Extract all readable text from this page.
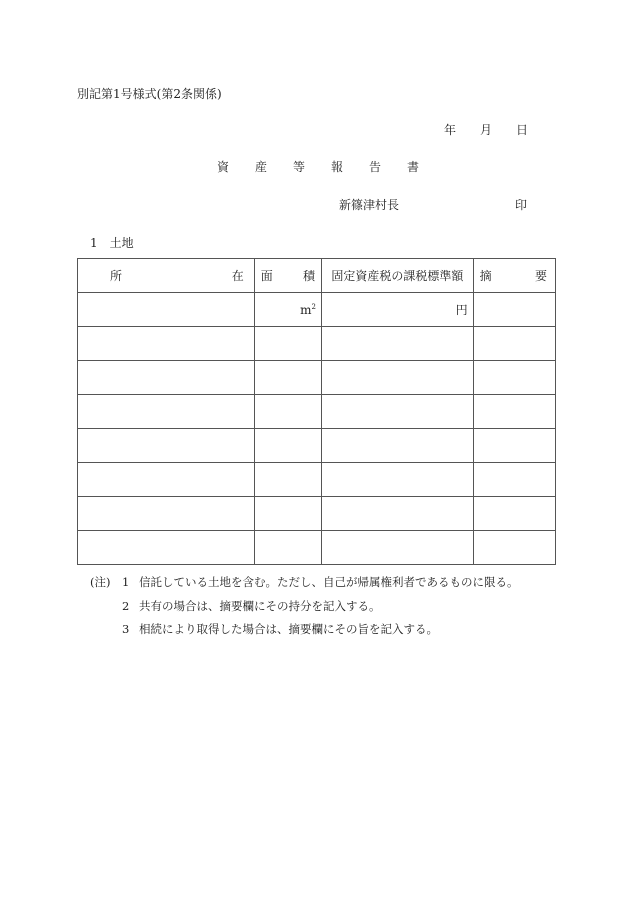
別記第1号様式(第2条関係)
年 月 日
資 産 等 報 告 書
新篠津村長	印
1　土地
所 在	面 積	固定資産税の課税標準額	摘 要

	$m^2$	円	

(注) 1 信託している土地を含む。ただし、自己が帰属権利者であるものに限る。
2 共有の場合は、摘要欄にその持分を記入する。
3 相続により取得した場合は、摘要欄にその旨を記入する。
